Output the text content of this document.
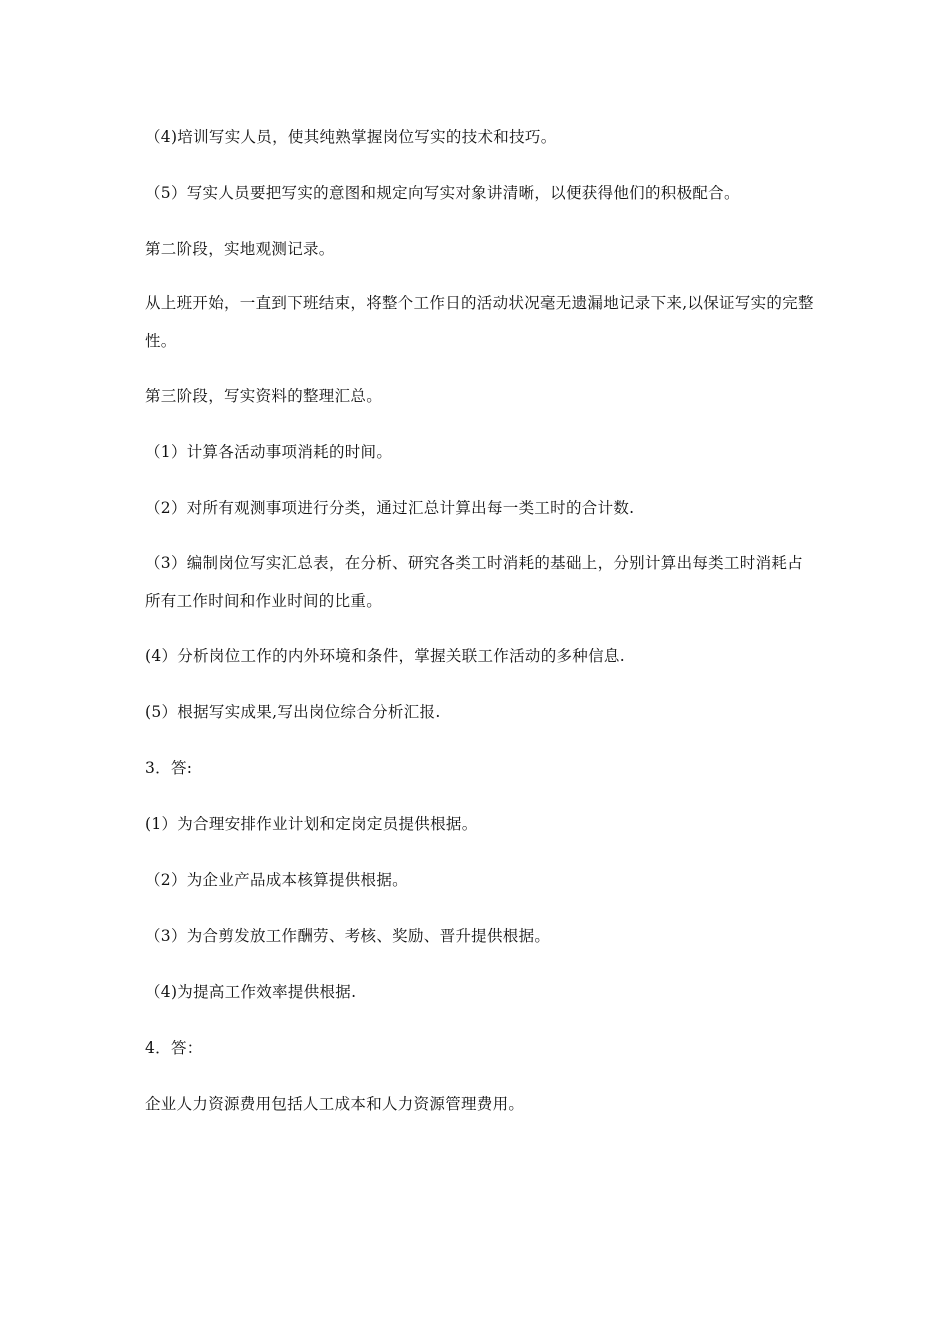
（4)培训写实人员，使其纯熟掌握岗位写实的技术和技巧。

（5）写实人员要把写实的意图和规定向写实对象讲清晰，以便获得他们的积极配合。

第二阶段，实地观测记录。

从上班开始，一直到下班结束，将整个工作日的活动状况毫无遗漏地记录下来,以保证写实的完整性。

第三阶段，写实资料的整理汇总。

（1）计算各活动事项消耗的时间。

（2）对所有观测事项进行分类，通过汇总计算出每一类工时的合计数.

（3）编制岗位写实汇总表，在分析、研究各类工时消耗的基础上，分别计算出每类工时消耗占所有工作时间和作业时间的比重。

(4）分析岗位工作的内外环境和条件，掌握关联工作活动的多种信息.

(5）根据写实成果,写出岗位综合分析汇报.

3．答:

(1）为合理安排作业计划和定岗定员提供根据。

（2）为企业产品成本核算提供根据。

（3）为合剪发放工作酬劳、考核、奖励、晋升提供根据。

（4)为提高工作效率提供根据.

4．答：

企业人力资源费用包括人工成本和人力资源管理费用。
